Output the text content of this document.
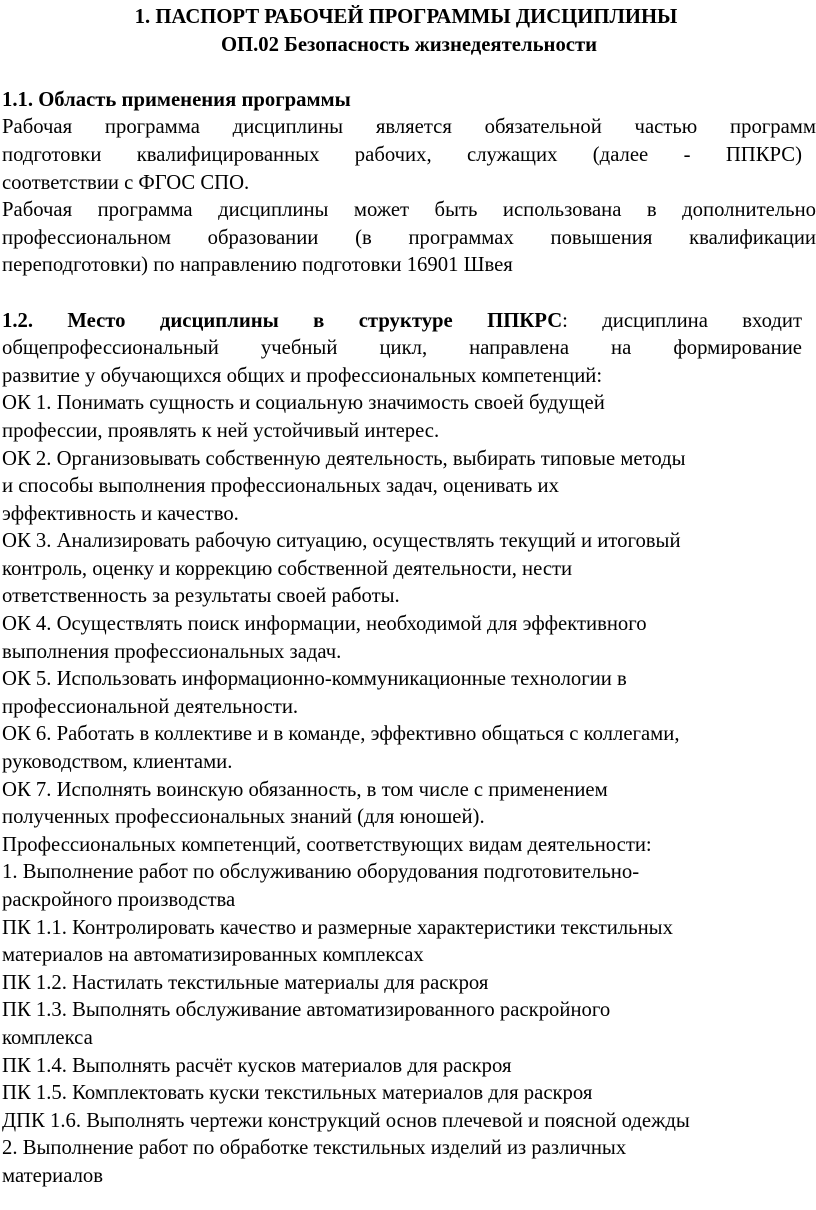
1. ПАСПОРТ РАБОЧЕЙ ПРОГРАММЫ ДИСЦИПЛИНЫ
ОП.02 Безопасность жизнедеятельности

1.1. Область применения программы

Рабочая программа дисциплины является обязательной частью программ
подготовки квалифицированных рабочих, служащих (далее - ППКРС)
соответствии с ФГОС СПО.
Рабочая программа дисциплины может быть использована в дополнительно
профессиональном образовании (в программах повышения квалификации
переподготовки) по направлению подготовки 16901 Швея
1.2. Место дисциплины в структуре ППКРС: дисциплина входит
общепрофессиональный учебный цикл, направлена на формирование
развитие у обучающихся общих и профессиональных компетенций:
ОК 1. Понимать сущность и социальную значимость своей будущей
профессии, проявлять к ней устойчивый интерес.
ОК 2. Организовывать собственную деятельность, выбирать типовые методы
и способы выполнения профессиональных задач, оценивать их
эффективность и качество.
ОК 3. Анализировать рабочую ситуацию, осуществлять текущий и итоговый
контроль, оценку и коррекцию собственной деятельности, нести
ответственность за результаты своей работы.
ОК 4. Осуществлять поиск информации, необходимой для эффективного
выполнения профессиональных задач.
ОК 5. Использовать информационно-коммуникационные технологии в
профессиональной деятельности.
ОК 6. Работать в коллективе и в команде, эффективно общаться с коллегами,
руководством, клиентами.
ОК 7. Исполнять воинскую обязанность, в том числе с применением
полученных профессиональных знаний (для юношей).
Профессиональных компетенций, соответствующих видам деятельности:
1. Выполнение работ по обслуживанию оборудования подготовительно-
раскройного производства
ПК 1.1. Контролировать качество и размерные характеристики текстильных
материалов на автоматизированных комплексах
ПК 1.2. Настилать текстильные материалы для раскроя
ПК 1.3. Выполнять обслуживание автоматизированного раскройного
комплекса
ПК 1.4. Выполнять расчёт кусков материалов для раскроя
ПК 1.5. Комплектовать куски текстильных материалов для раскроя
ДПК 1.6. Выполнять чертежи конструкций основ плечевой и поясной одежды
2. Выполнение работ по обработке текстильных изделий из различных
материалов
